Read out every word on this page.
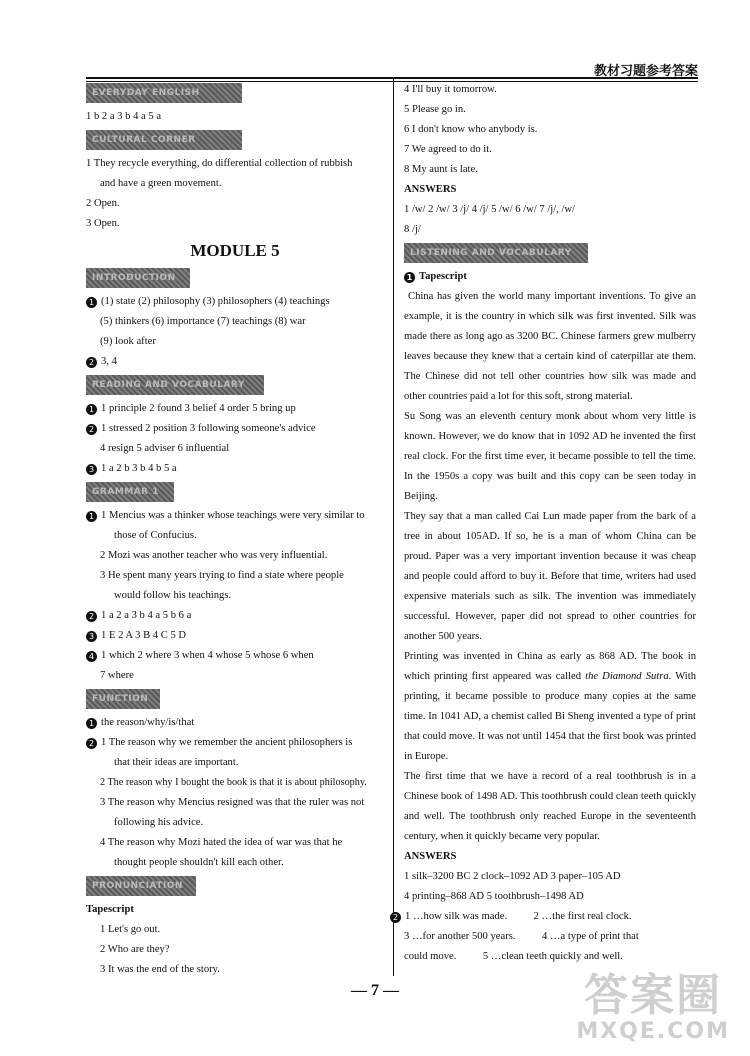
教材习题参考答案
EVERYDAY ENGLISH
1 b 2 a 3 b 4 a 5 a
CULTURAL CORNER
1 They recycle everything, do differential collection of rubbish
and have a green movement.
2 Open.
3 Open.
MODULE 5
INTRODUCTION
1 (1) state (2) philosophy (3) philosophers (4) teachings
(5) thinkers (6) importance (7) teachings (8) war
(9) look after
2 3, 4
READING AND VOCABULARY
1 1 principle 2 found 3 belief 4 order 5 bring up
2 1 stressed 2 position 3 following someone's advice
4 resign 5 adviser 6 influential
3 1 a 2 b 3 b 4 b 5 a
GRAMMAR 1
1 1 Mencius was a thinker whose teachings were very similar to
those of Confucius.
2 Mozi was another teacher who was very influential.
3 He spent many years trying to find a state where people
would follow his teachings.
2 1 a 2 a 3 b 4 a 5 b 6 a
3 1 E 2 A 3 B 4 C 5 D
4 1 which 2 where 3 when 4 whose 5 whose 6 when
7 where
FUNCTION
1 the reason/why/is/that
2 1 The reason why we remember the ancient philosophers is
that their ideas are important.
2 The reason why I bought the book is that it is about philosophy.
3 The reason why Mencius resigned was that the ruler was not
following his advice.
4 The reason why Mozi hated the idea of war was that he
thought people shouldn't kill each other.
PRONUNCIATION
Tapescript
1 Let's go out.
2 Who are they?
3 It was the end of the story.
4 I'll buy it tomorrow.
5 Please go in.
6 I don't know who anybody is.
7 We agreed to do it.
8 My aunt is late.
ANSWERS
1 /w/ 2 /w/ 3 /j/ 4 /j/ 5 /w/ 6 /w/ 7 /j/, /w/
8 /j/
LISTENING AND VOCABULARY
1 Tapescript
China has given the world many important inventions. To give an example, it is the country in which silk was first invented. Silk was made there as long ago as 3200 BC. Chinese farmers grew mulberry leaves because they knew that a certain kind of caterpillar ate them. The Chinese did not tell other countries how silk was made and other countries paid a lot for this soft, strong material.
Su Song was an eleventh century monk about whom very little is known. However, we do know that in 1092 AD he invented the first real clock. For the first time ever, it became possible to tell the time. In the 1950s a copy was built and this copy can be seen today in Beijing.
They say that a man called Cai Lun made paper from the bark of a tree in about 105AD. If so, he is a man of whom China can be proud. Paper was a very important invention because it was cheap and people could afford to buy it. Before that time, writers had used expensive materials such as silk. The invention was immediately successful. However, paper did not spread to other countries for another 500 years.
Printing was invented in China as early as 868 AD. The book in which printing first appeared was called the Diamond Sutra. With printing, it became possible to produce many copies at the same time. In 1041 AD, a chemist called Bi Sheng invented a type of print that could move. It was not until 1454 that the first book was printed in Europe.
The first time that we have a record of a real toothbrush is in a Chinese book of 1498 AD. This toothbrush could clean teeth quickly and well. The toothbrush only reached Europe in the seventeenth century, when it quickly became very popular.
ANSWERS
1 silk–3200 BC 2 clock–1092 AD 3 paper–105 AD
4 printing–868 AD 5 toothbrush–1498 AD
2 1 …how silk was made.          2 …the first real clock.
3 …for another 500 years.          4 …a type of print that
could move.          5 …clean teeth quickly and well.
— 7 —	答案圈
MXQE.COM
